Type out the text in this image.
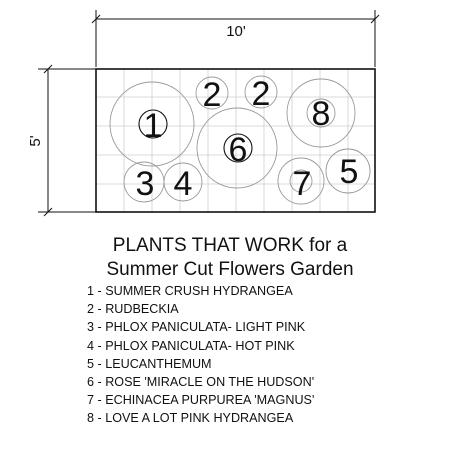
10'
5'	1
2 2
8
6
3 4	7 5
PLANTS THAT WORK for a
Summer Cut Flowers Garden
1 - SUMMER CRUSH HYDRANGEA
2 - RUDBECKIA
3 - PHLOX PANICULATA- LIGHT PINK
4 - PHLOX PANICULATA- HOT PINK
5 - LEUCANTHEMUM
6 - ROSE 'MIRACLE ON THE HUDSON'
7 - ECHINACEA PURPUREA 'MAGNUS'
8 - LOVE A LOT PINK HYDRANGEA
